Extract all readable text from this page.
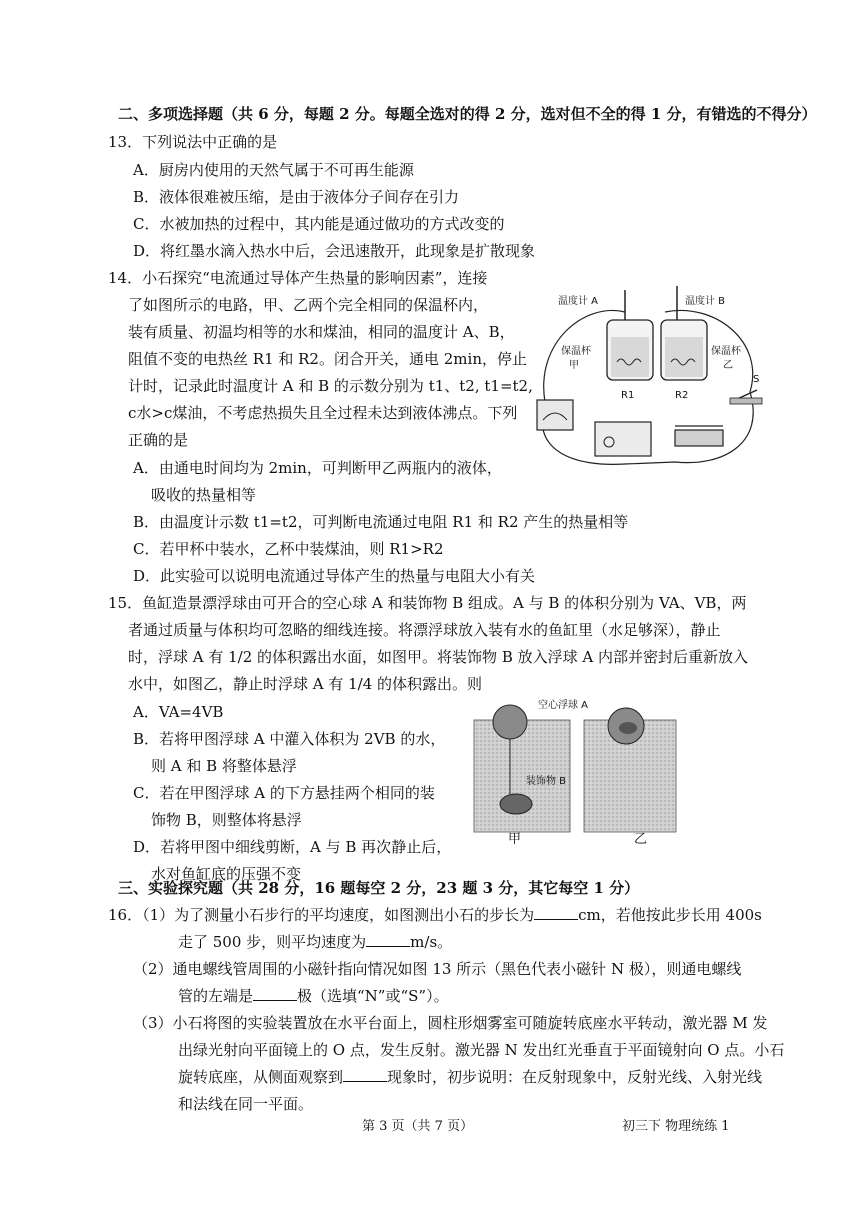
二、多项选择题（共 6 分，每题 2 分。每题全选对的得 2 分，选对但不全的得 1 分，有错选的不得分）
13．下列说法中正确的是
A．厨房内使用的天然气属于不可再生能源
B．液体很难被压缩，是由于液体分子间存在引力
C．水被加热的过程中，其内能是通过做功的方式改变的
D．将红墨水滴入热水中后，会迅速散开，此现象是扩散现象
14．小石探究“电流通过导体产生热量的影响因素”，连接
了如图所示的电路，甲、乙两个完全相同的保温杯内，
装有质量、初温均相等的水和煤油，相同的温度计 A、B，
阻值不变的电热丝 R1 和 R2。闭合开关，通电 2min，停止
计时，记录此时温度计 A 和 B 的示数分别为 t1、t2, t1=t2,
c水>c煤油，不考虑热损失且全过程未达到液体沸点。下列
正确的是
温度计 A	温度计 B
保温杯
甲
保温杯
乙
R1	R2
S
A．由通电时间均为 2min，可判断甲乙两瓶内的液体，
吸收的热量相等
B．由温度计示数 t1=t2，可判断电流通过电阻 R1 和 R2 产生的热量相等
C．若甲杯中装水，乙杯中装煤油，则 R1>R2
D．此实验可以说明电流通过导体产生的热量与电阻大小有关
15．鱼缸造景漂浮球由可开合的空心球 A 和装饰物 B 组成。A 与 B 的体积分别为 VA、VB，两
者通过质量与体积均可忽略的细线连接。将漂浮球放入装有水的鱼缸里（水足够深），静止
时，浮球 A 有 1/2 的体积露出水面，如图甲。将装饰物 B 放入浮球 A 内部并密封后重新放入
水中，如图乙，静止时浮球 A 有 1/4 的体积露出。则
A．VA=4VB
B．若将甲图浮球 A 中灌入体积为 2VB 的水，
则 A 和 B 将整体悬浮
C．若在甲图浮球 A 的下方悬挂两个相同的装
饰物 B，则整体将悬浮
D．若将甲图中细线剪断，A 与 B 再次静止后，
水对鱼缸底的压强不变
空心浮球 A
装饰物 B
甲	乙
三、实验探究题（共 28 分，16 题每空 2 分，23 题 3 分，其它每空 1 分）
16．（1）为了测量小石步行的平均速度，如图测出小石的步长为	cm，若他按此步长用 400s
走了 500 步，则平均速度为	m/s。
（2）通电螺线管周围的小磁针指向情况如图 13 所示（黑色代表小磁针 N 极），则通电螺线
管的左端是	极（选填“N”或“S”）。
（3）小石将图的实验装置放在水平台面上，圆柱形烟雾室可随旋转底座水平转动，激光器 M 发
出绿光射向平面镜上的 O 点，发生反射。激光器 N 发出红光垂直于平面镜射向 O 点。小石
旋转底座，从侧面观察到	现象时，初步说明：在反射现象中，反射光线、入射光线
和法线在同一平面。
第 3 页（共 7 页）	初三下 物理统练 1
